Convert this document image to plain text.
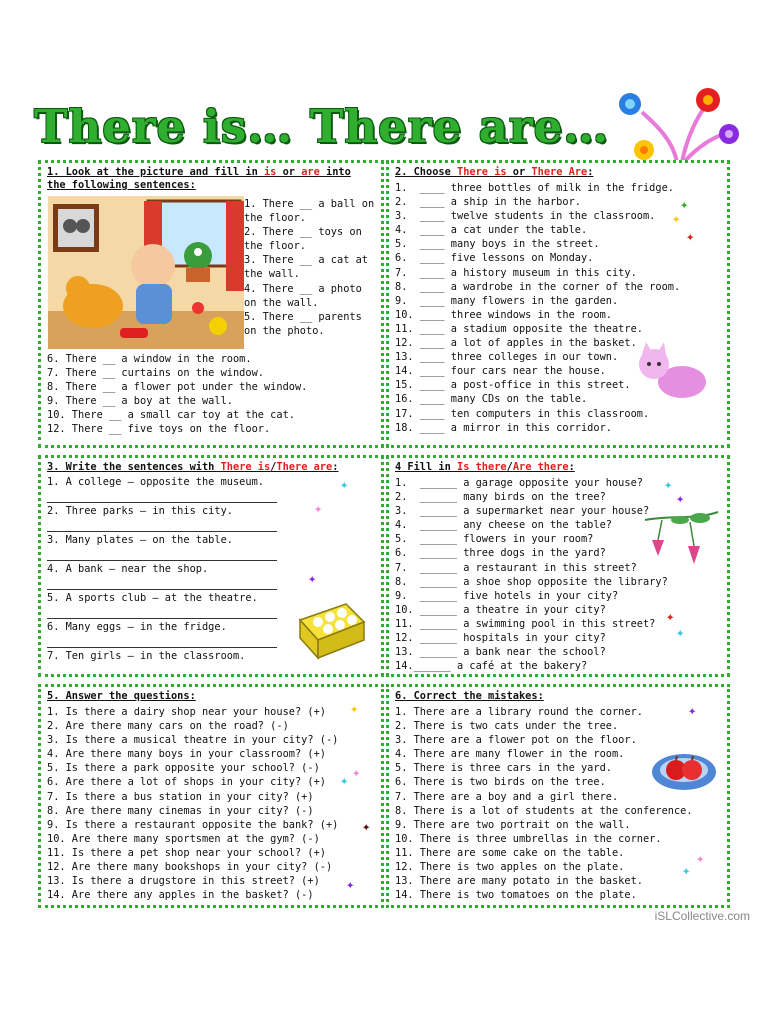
There is… There are…
1. Look at the picture and fill in is or are into the following sentences:
1. There __ a ball on the floor.
2. There __ toys on the floor.
3. There __ a cat at the wall.
4. There __ a photo on the wall.
5. There __ parents on the photo.
6. There __ a window in the room.
7. There __ curtains on the window.
8. There __ a flower pot under the window.
9. There __ a boy at the wall.
10. There __ a small car toy at the cat.
12. There __ five toys on the floor.
2. Choose There is or There Are:
1.  ____ three bottles of milk in the fridge.
2.  ____ a ship in the harbor.
3.  ____ twelve students in the classroom.
4.  ____ a cat under the table.
5.  ____ many boys in the street.
6.  ____ five lessons on Monday.
7.  ____ a history museum in this city.
8.  ____ a wardrobe in the corner of the room.
9.  ____ many flowers in the garden.
10. ____ three windows in the room.
11. ____ a stadium opposite the theatre.
12. ____ a lot of apples in the basket.
13. ____ three colleges in our town.
14. ____ four cars near the house.
15. ____ a post-office in this street.
16. ____ many CDs on the table.
17. ____ ten computers in this classroom.
18. ____ a mirror in this corridor.
3. Write the sentences with There is/There are:
1. A college – opposite the museum.
2. Three parks – in this city.
3. Many plates – on the table.
4. A bank – near the shop.
5. A sports club – at the theatre.
6. Many eggs – in the fridge.
7. Ten girls – in the classroom.
4 Fill in Is there/Are there:
1.  ______ a garage opposite your house?
2.  ______ many birds on the tree?
3.  ______ a supermarket near your house?
4.  ______ any cheese on the table?
5.  ______ flowers in your room?
6.  ______ three dogs in the yard?
7.  ______ a restaurant in this street?
8.  ______ a shoe shop opposite the library?
9.  ______ five hotels in your city?
10. ______ a theatre in your city?
11. ______ a swimming pool in this street?
12. ______ hospitals in your city?
13. ______ a bank near the school?
14.______ a café at the bakery?
5. Answer the questions:
1. Is there a dairy shop near your house? (+)
2. Are there many cars on the road? (-)
3. Is there a musical theatre in your city? (-)
4. Are there many boys in your classroom? (+)
5. Is there a park opposite your school? (-)
6. Are there a lot of shops in your city? (+)
7. Is there a bus station in your city? (+)
8. Are there many cinemas in your city? (-)
9. Is there a restaurant opposite the bank? (+)
10. Are there many sportsmen at the gym? (-)
11. Is there a pet shop near your school? (+)
12. Are there many bookshops in your city? (-)
13. Is there a drugstore in this street? (+)
14. Are there any apples in the basket? (-)
6. Correct the mistakes:
1. There are a library round the corner.
2. There is two cats under the tree.
3. There are a flower pot on the floor.
4. There are many flower in the room.
5. There is three cars in the yard.
6. There is two birds on the tree.
7. There are a boy and a girl there.
8. There is a lot of students at the conference.
9. There are two portrait on the wall.
10. There is three umbrellas in the corner.
11. There are some cake on the table.
12. There is two apples on the plate.
13. There are many potato in the basket.
14. There is two tomatoes on the plate.
✦
✦
✦
✦
✦
✦
✦
✦
✦
✦
✦
✦ ✦
✦
✦
✦
✦
✦
iSLCollective.com
